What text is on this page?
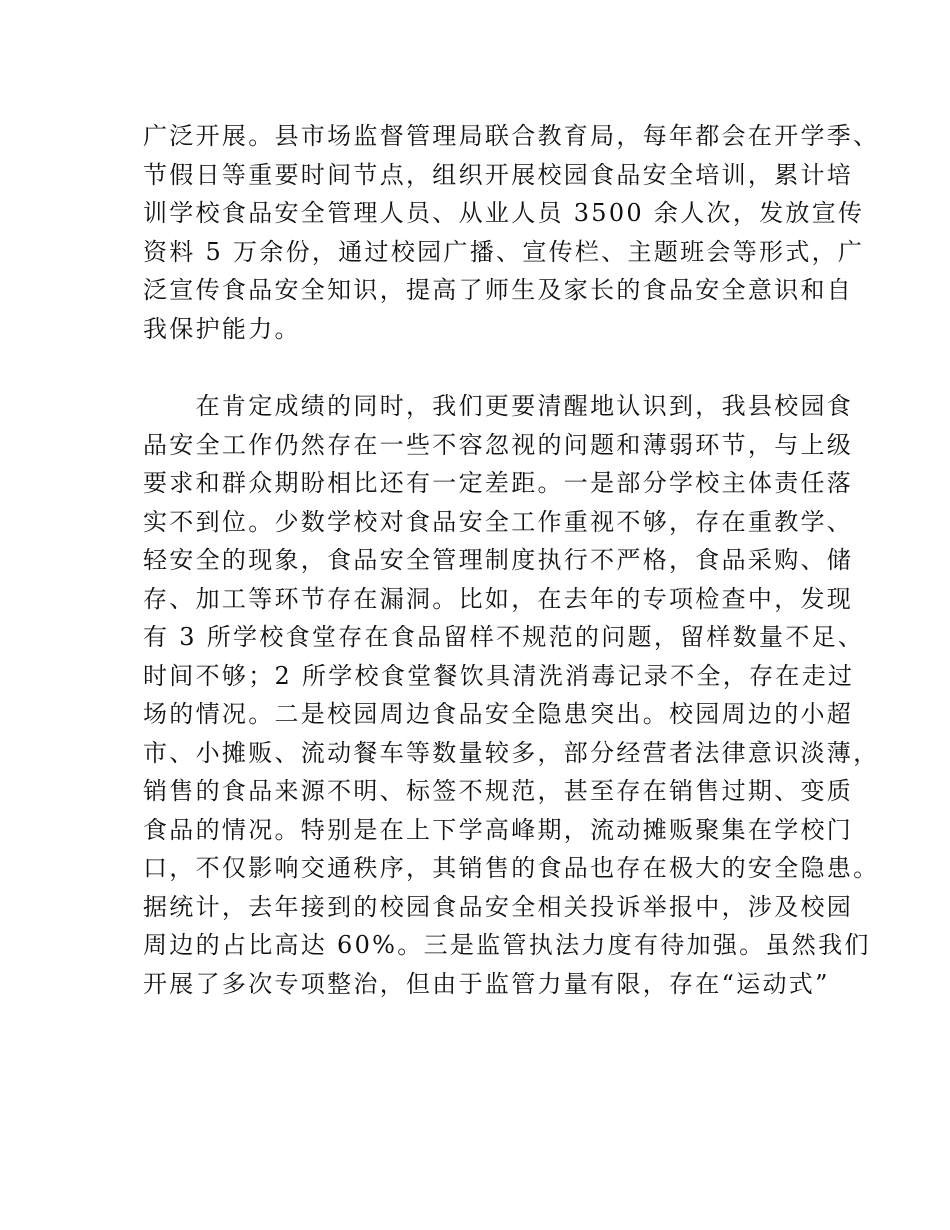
广泛开展。县市场监督管理局联合教育局，每年都会在开学季、
节假日等重要时间节点，组织开展校园食品安全培训，累计培
训学校食品安全管理人员、从业人员 3500 余人次，发放宣传
资料 5 万余份，通过校园广播、宣传栏、主题班会等形式，广
泛宣传食品安全知识，提高了师生及家长的食品安全意识和自
我保护能力。
　　在肯定成绩的同时，我们更要清醒地认识到，我县校园食
品安全工作仍然存在一些不容忽视的问题和薄弱环节，与上级
要求和群众期盼相比还有一定差距。一是部分学校主体责任落
实不到位。少数学校对食品安全工作重视不够，存在重教学、
轻安全的现象，食品安全管理制度执行不严格，食品采购、储
存、加工等环节存在漏洞。比如，在去年的专项检查中，发现
有 3 所学校食堂存在食品留样不规范的问题，留样数量不足、
时间不够；2 所学校食堂餐饮具清洗消毒记录不全，存在走过
场的情况。二是校园周边食品安全隐患突出。校园周边的小超
市、小摊贩、流动餐车等数量较多，部分经营者法律意识淡薄，
销售的食品来源不明、标签不规范，甚至存在销售过期、变质
食品的情况。特别是在上下学高峰期，流动摊贩聚集在学校门
口，不仅影响交通秩序，其销售的食品也存在极大的安全隐患。
据统计，去年接到的校园食品安全相关投诉举报中，涉及校园
周边的占比高达 60%。三是监管执法力度有待加强。虽然我们
开展了多次专项整治，但由于监管力量有限，存在“运动式”
